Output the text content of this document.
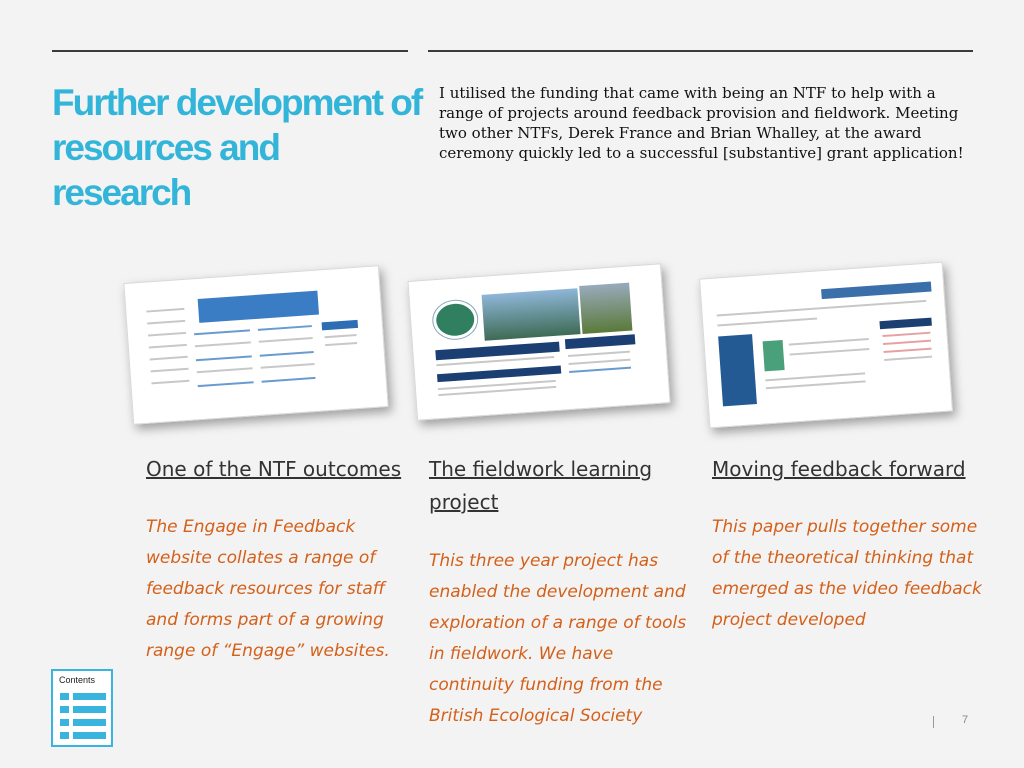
Further development of resources and research

I utilised the funding that came with being an NTF to help with a range of projects around feedback provision and fieldwork. Meeting two other NTFs, Derek France and Brian Whalley, at the award ceremony quickly led to a successful [substantive] grant application!

One of the NTF outcomes
The Engage in Feedback website collates a range of feedback resources for staff and forms part of a growing range of “Engage” websites.
The fieldwork learning project
This three year project has enabled the development and exploration of a range of tools in fieldwork. We have continuity funding from the British Ecological Society
Moving feedback forward
This paper pulls together some of the theoretical thinking that emerged as the video feedback project developed
Contents
7
